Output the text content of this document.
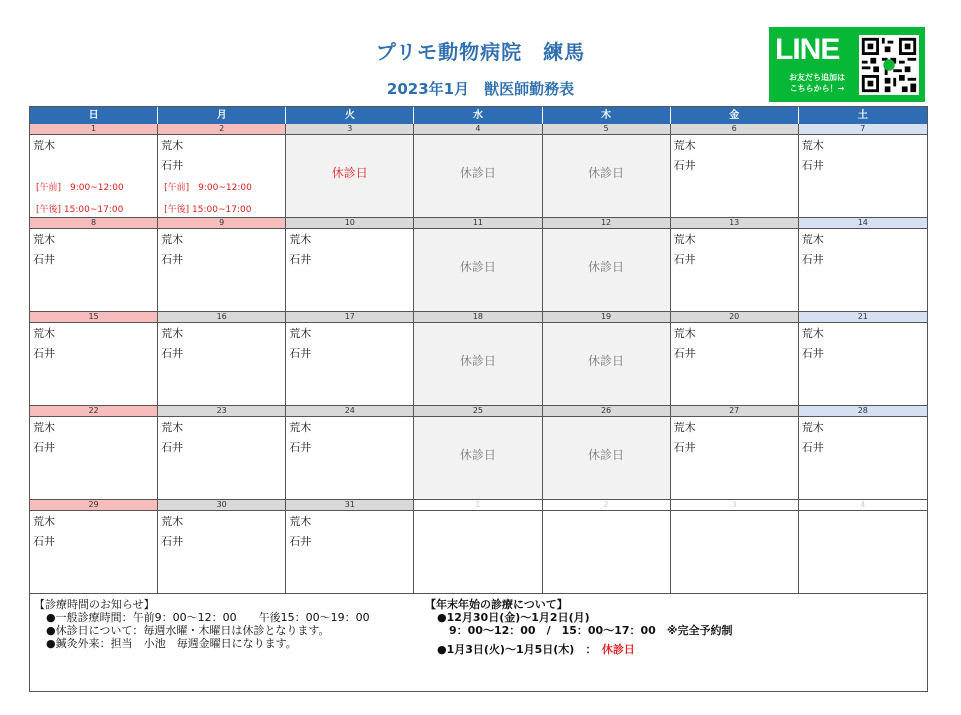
プリモ動物病院　練馬
2023年1月　獣医師勤務表
LINE
お友だち追加は
こちらから！→
日	月	火	水	木	金	土
1
荒木
[午前]　9:00~12:00
[午後] 15:00~17:00
2
荒木
石井
[午前]　9:00~12:00
[午後] 15:00~17:00
3
休診日
4
休診日
5
休診日
6
荒木
石井
7
荒木
石井
8
荒木
石井
9
荒木
石井
10
荒木
石井
11
休診日
12
休診日
13
荒木
石井
14
荒木
石井
15
荒木
石井
16
荒木
石井
17
荒木
石井
18
休診日
19
休診日
20
荒木
石井
21
荒木
石井
22
荒木
石井
23
荒木
石井
24
荒木
石井
25
休診日
26
休診日
27
荒木
石井
28
荒木
石井
29
荒木
石井
30
荒木
石井
31
荒木
石井
1	2	3	4
【診療時間のお知らせ】
●一般診療時間：午前9：00～12：00　　午後15：00～19：00
●休診日について：毎週水曜・木曜日は休診となります。
●鍼灸外来：担当　小池　毎週金曜日になります。
【年末年始の診療について】
●12月30日(金)～1月2日(月)
9：00～12：00　/　15：00～17：00　※完全予約制
●1月3日(火)～1月5日(木)　：　 休診日
